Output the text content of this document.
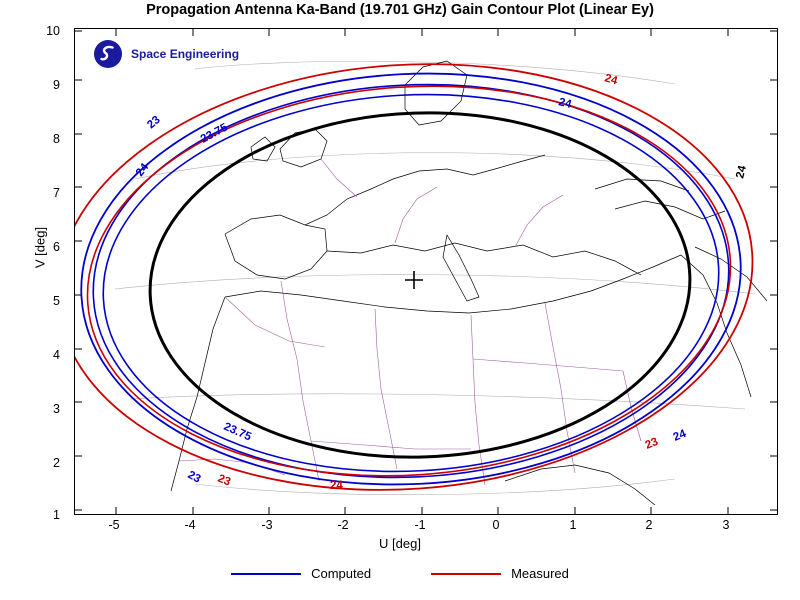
Propagation Antenna Ka-Band (19.701 GHz) Gain Contour Plot (Linear Ey)
V [deg]
10
9
8
7
6
5
4
3
2
1
-5	-4	-3	-2	-1	0	1	2	3
U [deg]
23	23.75
24
24
24
23.75
23 23	24
23
24
24
Space Engineering
Computed	Measured
